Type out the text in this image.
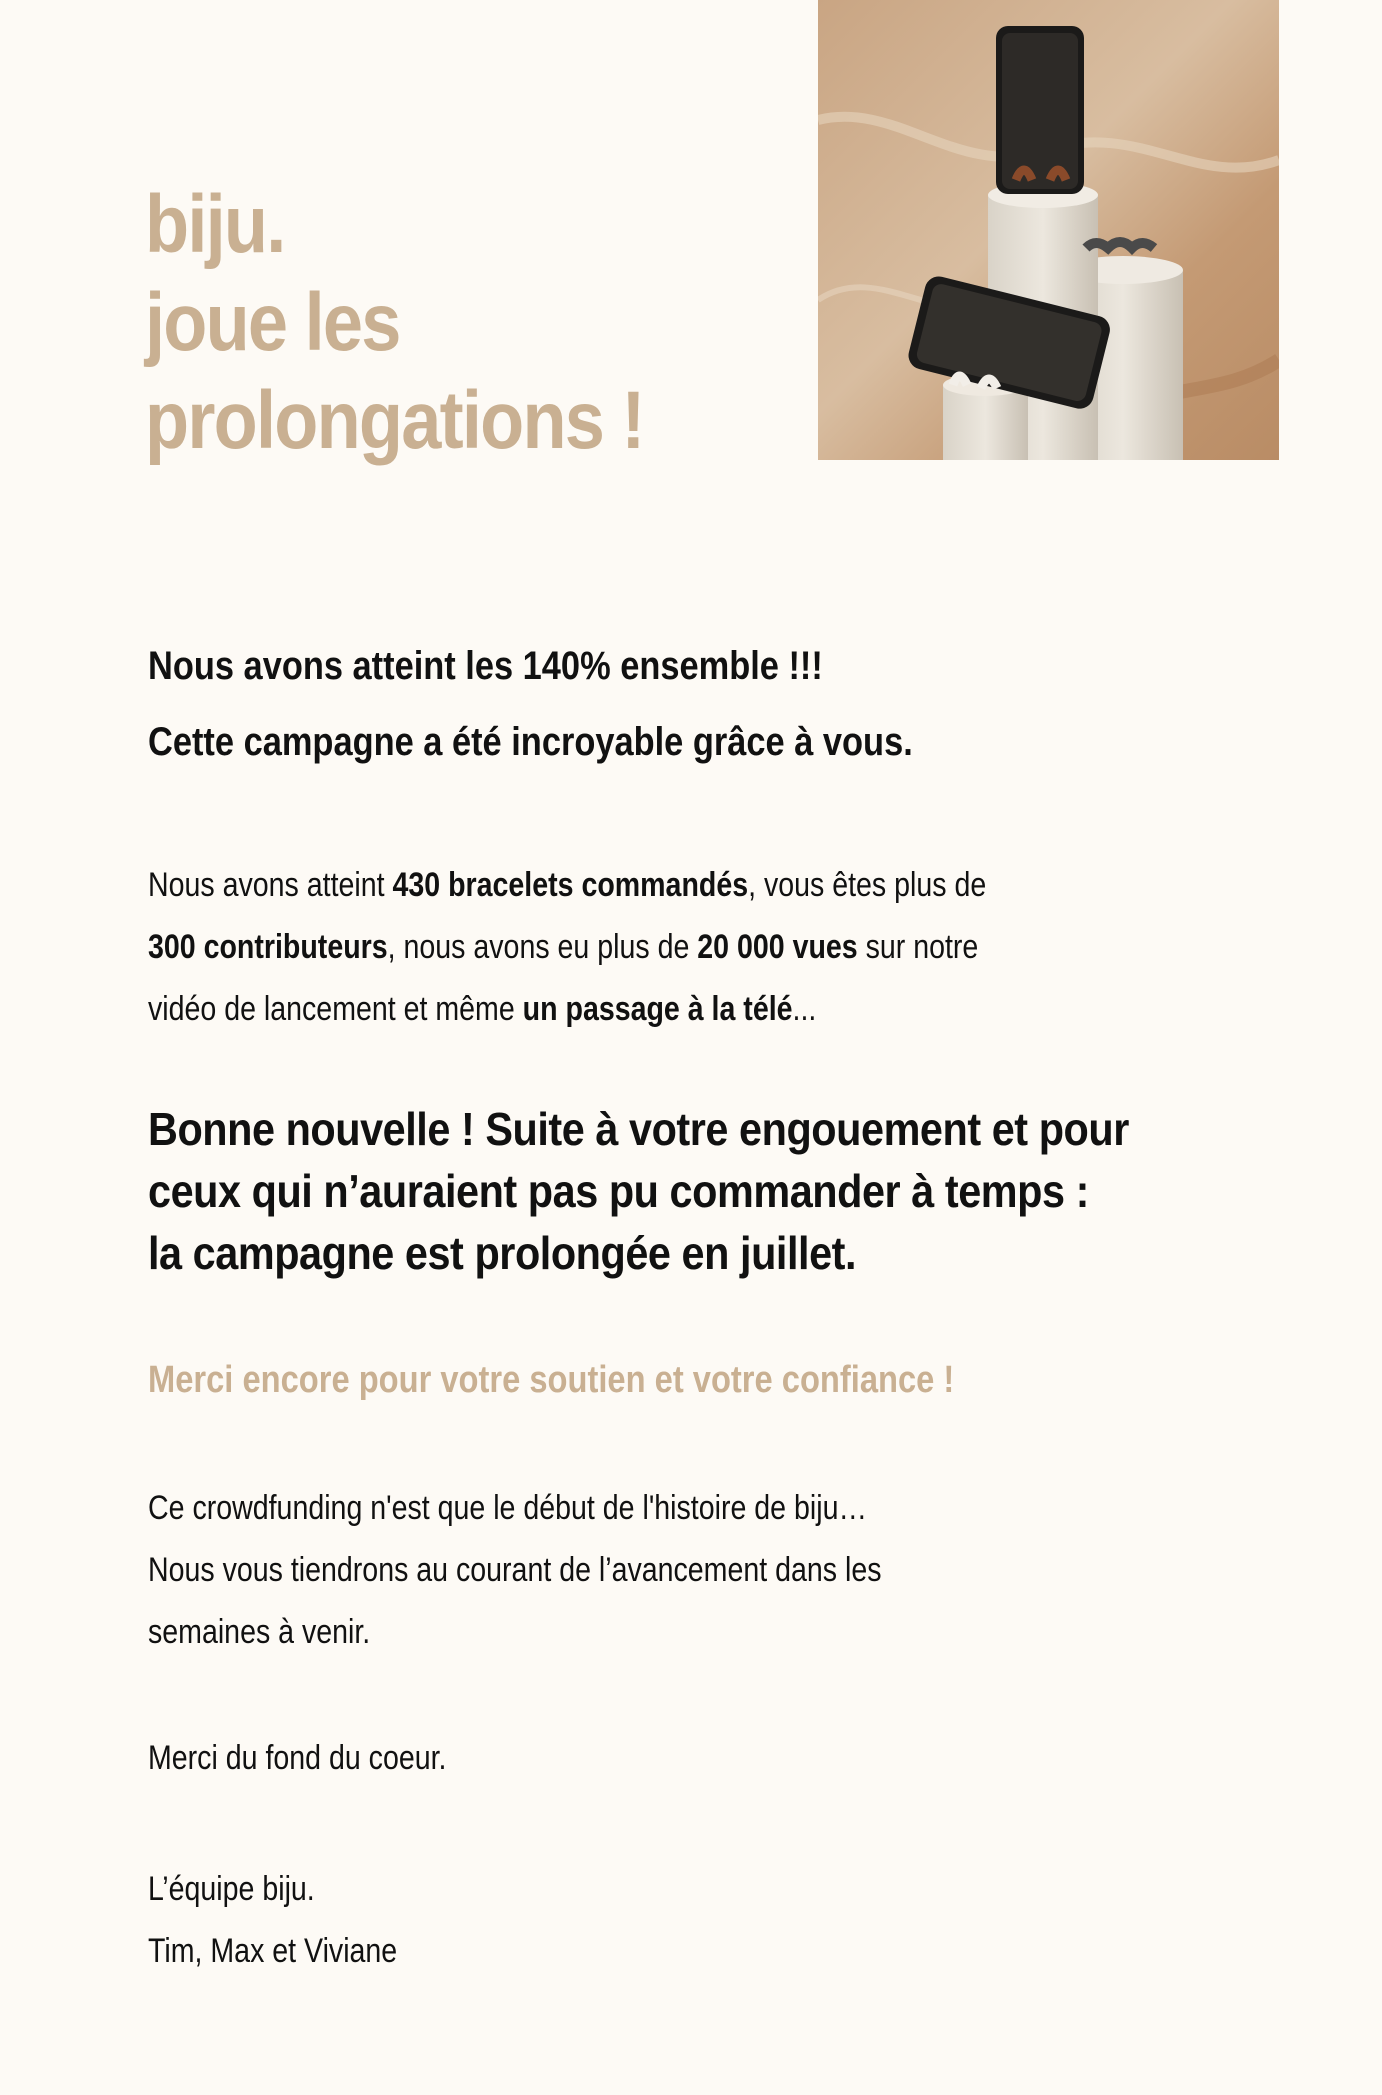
biju.
joue les
prolongations !
Nous avons atteint les 140% ensemble !!!
Cette campagne a été incroyable grâce à vous.
Nous avons atteint 430 bracelets commandés, vous êtes plus de
300 contributeurs, nous avons eu plus de 20 000 vues sur notre
vidéo de lancement et même un passage à la télé...
Bonne nouvelle ! Suite à votre engouement et pour
ceux qui n’auraient pas pu commander à temps :
la campagne est prolongée en juillet.
Merci encore pour votre soutien et votre confiance !
Ce crowdfunding n'est que le début de l'histoire de biju…
Nous vous tiendrons au courant de l’avancement dans les
semaines à venir.
Merci du fond du coeur.
L’équipe biju.
Tim, Max et Viviane
